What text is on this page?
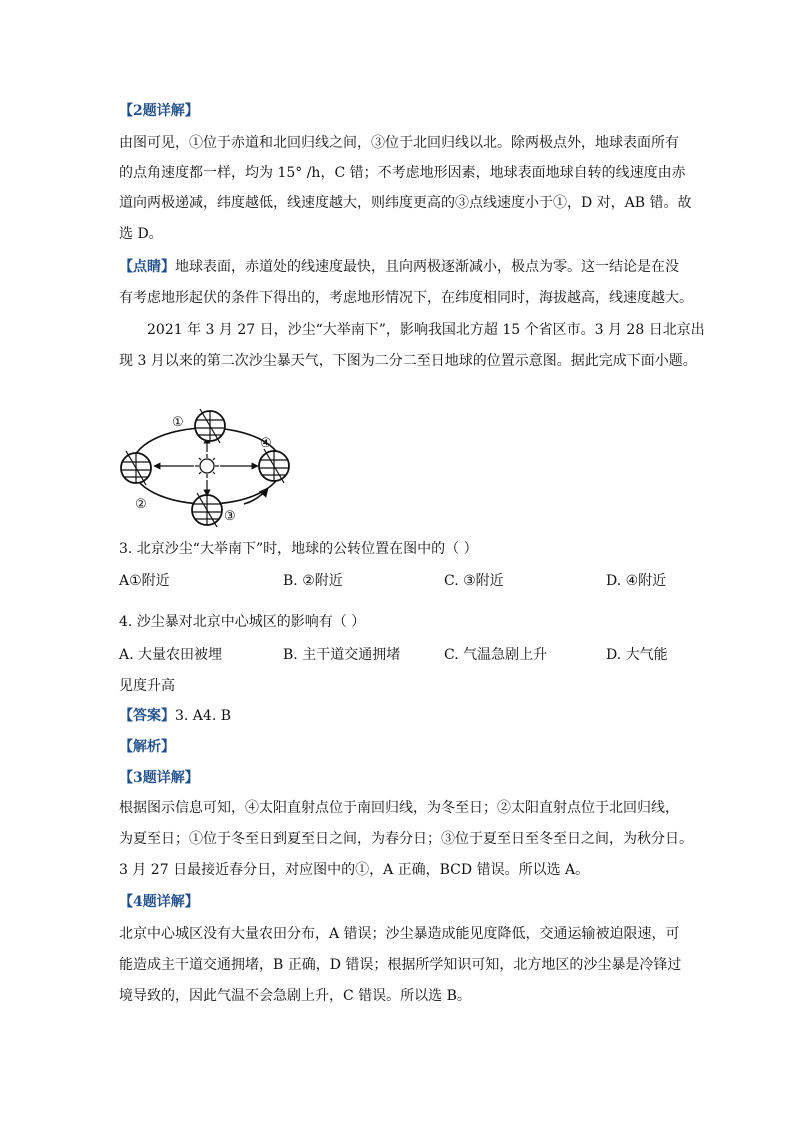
【2题详解】
由图可见，①位于赤道和北回归线之间，③位于北回归线以北。除两极点外，地球表面所有
的点角速度都一样，均为 15° /h，C 错；不考虑地形因素，地球表面地球自转的线速度由赤
道向两极递减，纬度越低，线速度越大，则纬度更高的③点线速度小于①，D 对，AB 错。故
选 D。
【点睛】地球表面，赤道处的线速度最快，且向两极逐渐减小，极点为零。这一结论是在没
有考虑地形起伏的条件下得出的，考虑地形情况下，在纬度相同时，海拔越高，线速度越大。
2021 年 3 月 27 日，沙尘“大举南下”，影响我国北方超 15 个省区市。3 月 28 日北京出
现 3 月以来的第二次沙尘暴天气，下图为二分二至日地球的位置示意图。据此完成下面小题。
①
②
③
④
3. 北京沙尘“大举南下”时，地球的公转位置在图中的（ ）
A①附近	B. ②附近	C. ③附近	D. ④附近
4. 沙尘暴对北京中心城区的影响有（ ）
A. 大量农田被埋	B. 主干道交通拥堵	C. 气温急剧上升	D. 大气能
见度升高
【答案】3. A4. B
【解析】
【3题详解】
根据图示信息可知，④太阳直射点位于南回归线，为冬至日；②太阳直射点位于北回归线，
为夏至日；①位于冬至日到夏至日之间，为春分日；③位于夏至日至冬至日之间，为秋分日。
3 月 27 日最接近春分日，对应图中的①，A 正确，BCD 错误。所以选 A。
【4题详解】
北京中心城区没有大量农田分布，A 错误；沙尘暴造成能见度降低，交通运输被迫限速，可
能造成主干道交通拥堵，B 正确，D 错误；根据所学知识可知，北方地区的沙尘暴是冷锋过
境导致的，因此气温不会急剧上升，C 错误。所以选 B。
